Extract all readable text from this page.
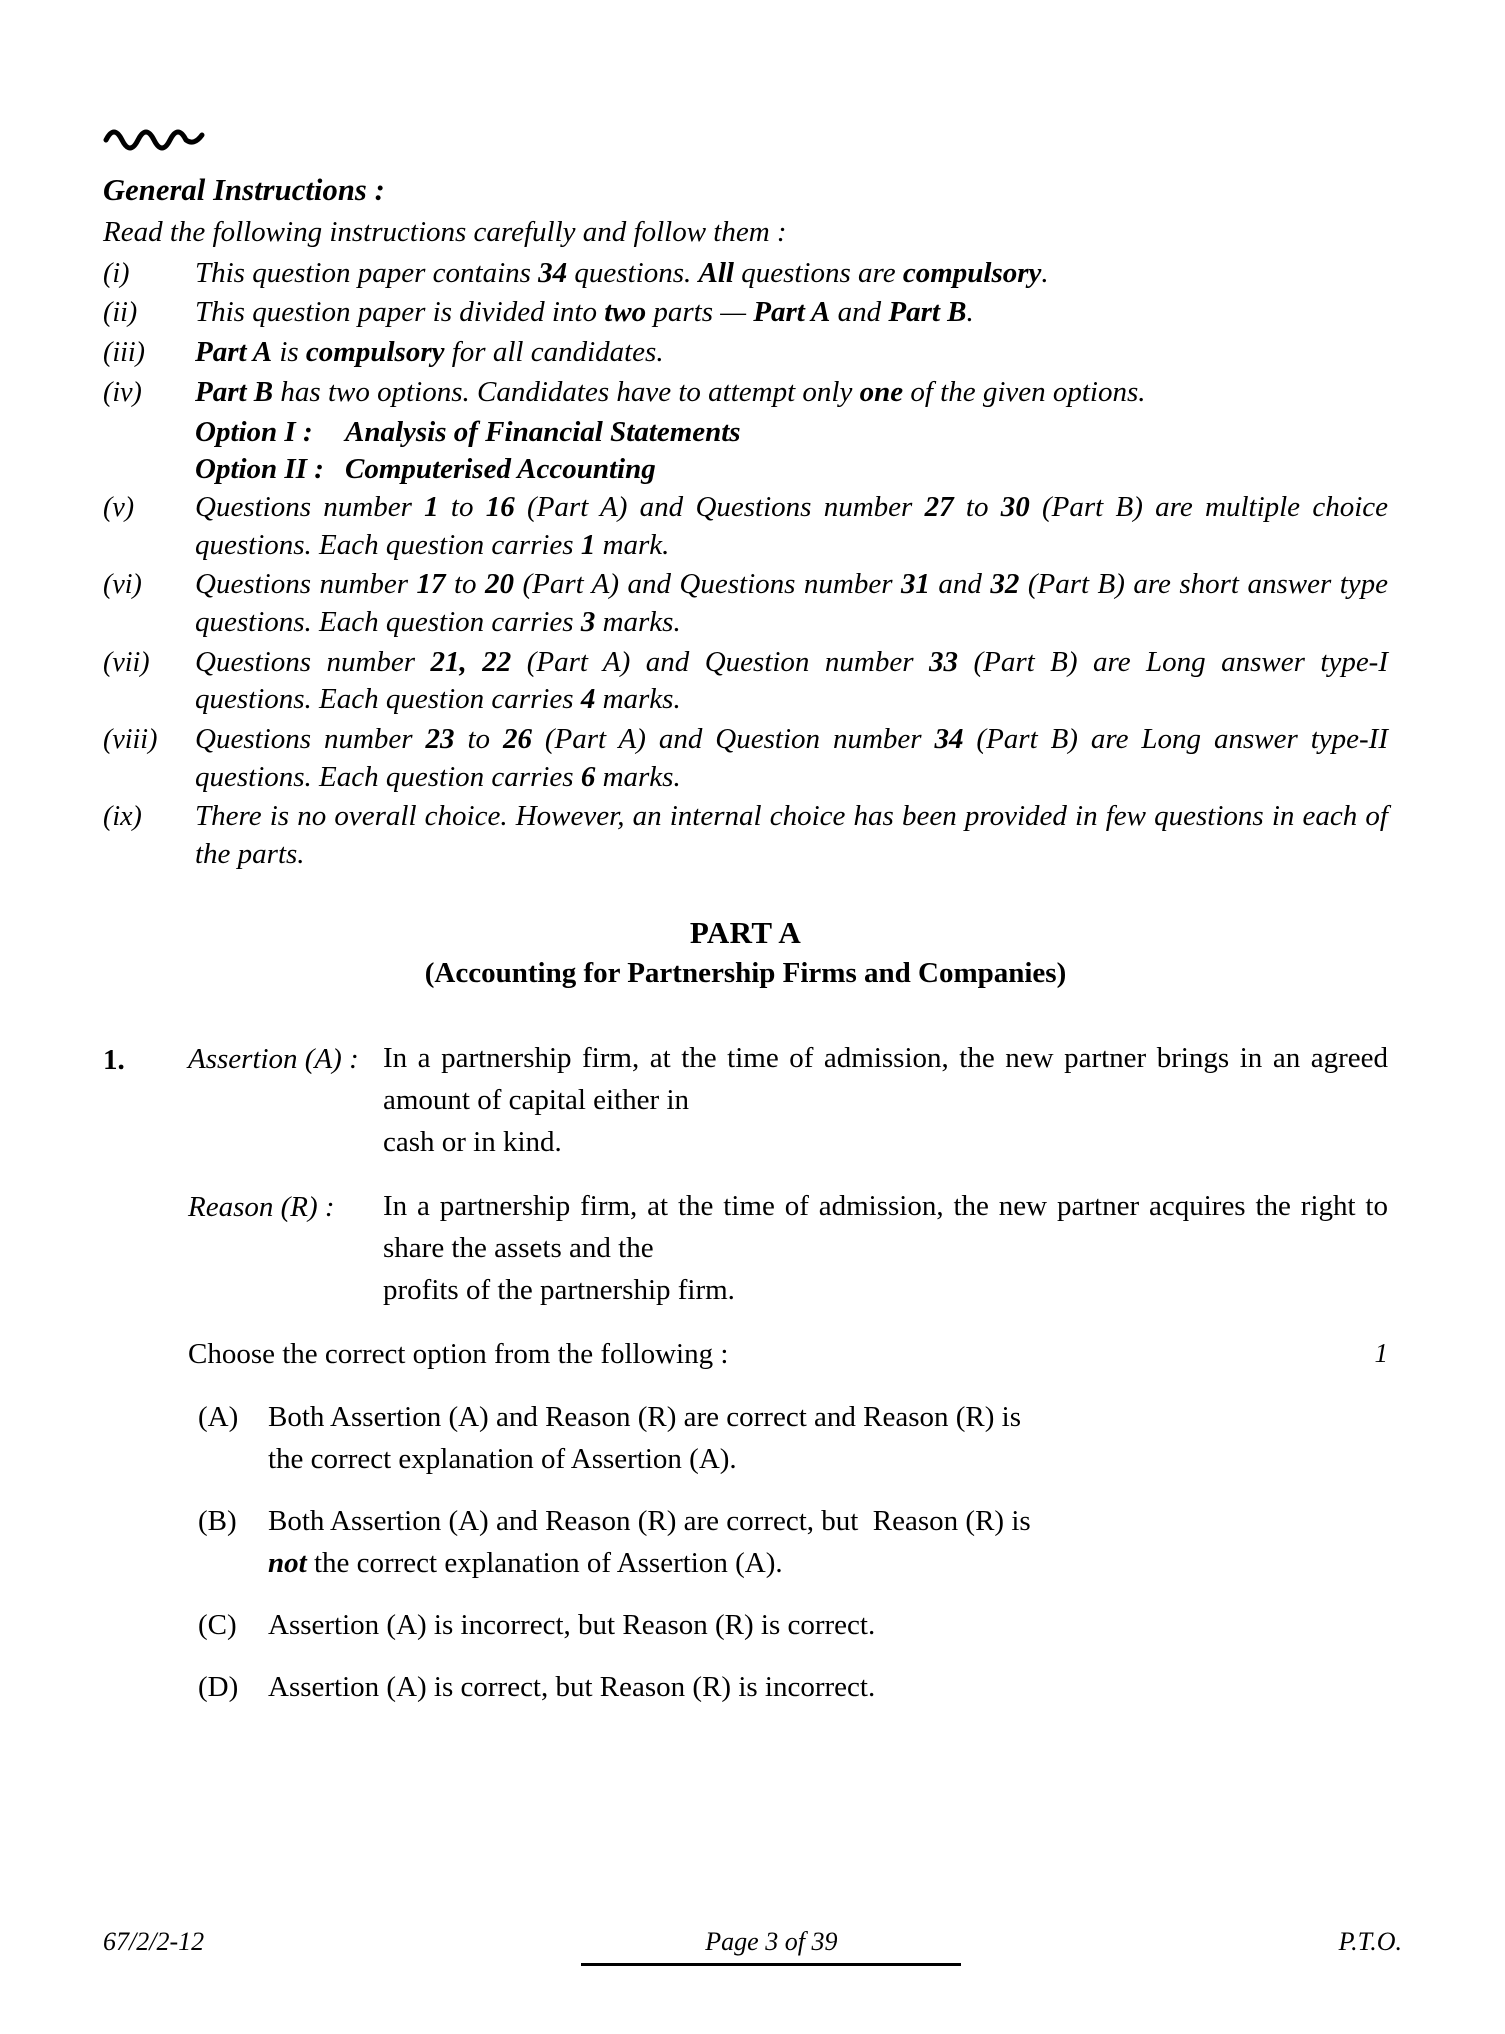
General Instructions :
Read the following instructions carefully and follow them :
(i)	This question paper contains 34 questions. All questions are compulsory.
(ii)	This question paper is divided into two parts — Part A and Part B.
(iii)	Part A is compulsory for all candidates.
(iv)	Part B has two options. Candidates have to attempt only one of the given options.
Option I :	Analysis of Financial Statements
Option II : Computerised Accounting
(v)	Questions number 1 to 16 (Part A) and Questions number 27 to 30 (Part B) are multiple choice questions. Each question carries 1 mark.
(vi)	Questions number 17 to 20 (Part A) and Questions number 31 and 32 (Part B) are short answer type questions. Each question carries 3 marks.
(vii)	Questions number 21, 22 (Part A) and Question number 33 (Part B) are Long answer type-I questions. Each question carries 4 marks.
(viii)	Questions number 23 to 26 (Part A) and Question number 34 (Part B) are Long answer type-II questions. Each question carries 6 marks.
(ix)	There is no overall choice. However, an internal choice has been provided in few questions in each of the parts.
PART A
(Accounting for Partnership Firms and Companies)
1.	Assertion (A) : In a partnership firm, at the time of admission, the new partner brings in an agreed amount of capital either in
cash or in kind.
Reason (R) :	In a partnership firm, at the time of admission, the new partner acquires the right to share the assets and the
profits of the partnership firm.
Choose the correct option from the following :	1
(A)	Both Assertion (A) and Reason (R) are correct and Reason (R) is
the correct explanation of Assertion (A).
(B)	Both Assertion (A) and Reason (R) are correct, but  Reason (R) is
not the correct explanation of Assertion (A).
(C)	Assertion (A) is incorrect, but Reason (R) is correct.
(D)	Assertion (A) is correct, but Reason (R) is incorrect.
67/2/2-12	Page 3 of 39	P.T.O.
